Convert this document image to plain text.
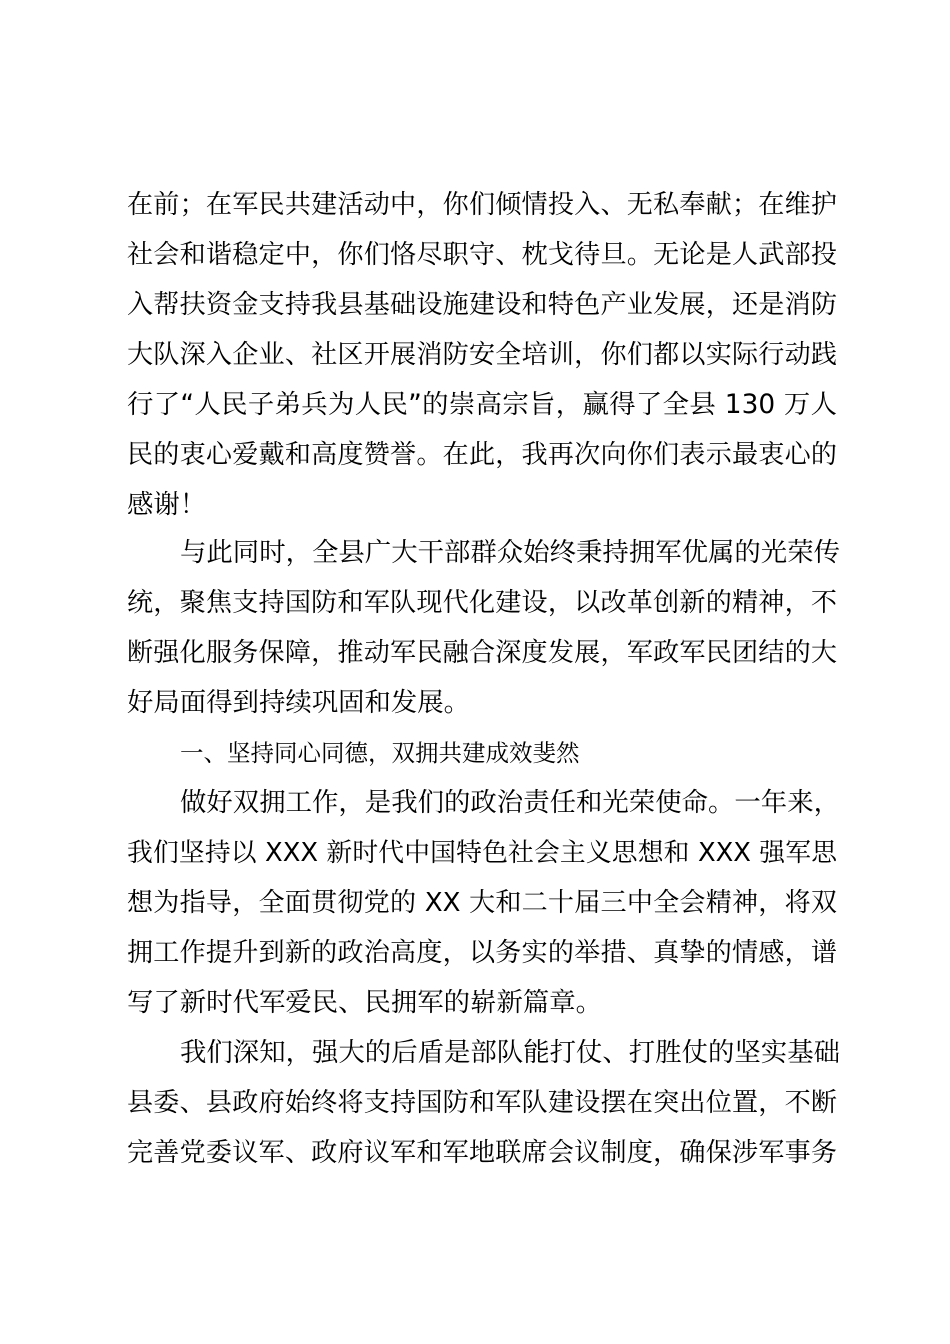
在前；在军民共建活动中，你们倾情投入、无私奉献；在维护
社会和谐稳定中，你们恪尽职守、枕戈待旦。无论是人武部投
入帮扶资金支持我县基础设施建设和特色产业发展，还是消防
大队深入企业、社区开展消防安全培训，你们都以实际行动践
行了“人民子弟兵为人民”的崇高宗旨，赢得了全县 130 万人
民的衷心爱戴和高度赞誉。在此，我再次向你们表示最衷心的
感谢！
与此同时，全县广大干部群众始终秉持拥军优属的光荣传
统，聚焦支持国防和军队现代化建设，以改革创新的精神，不
断强化服务保障，推动军民融合深度发展，军政军民团结的大
好局面得到持续巩固和发展。
一、坚持同心同德，双拥共建成效斐然
做好双拥工作，是我们的政治责任和光荣使命。一年来，
我们坚持以 XXX 新时代中国特色社会主义思想和 XXX 强军思
想为指导，全面贯彻党的 XX 大和二十届三中全会精神，将双
拥工作提升到新的政治高度，以务实的举措、真挚的情感，谱
写了新时代军爱民、民拥军的崭新篇章。
我们深知，强大的后盾是部队能打仗、打胜仗的坚实基础
县委、县政府始终将支持国防和军队建设摆在突出位置，不断
完善党委议军、政府议军和军地联席会议制度，确保涉军事务
